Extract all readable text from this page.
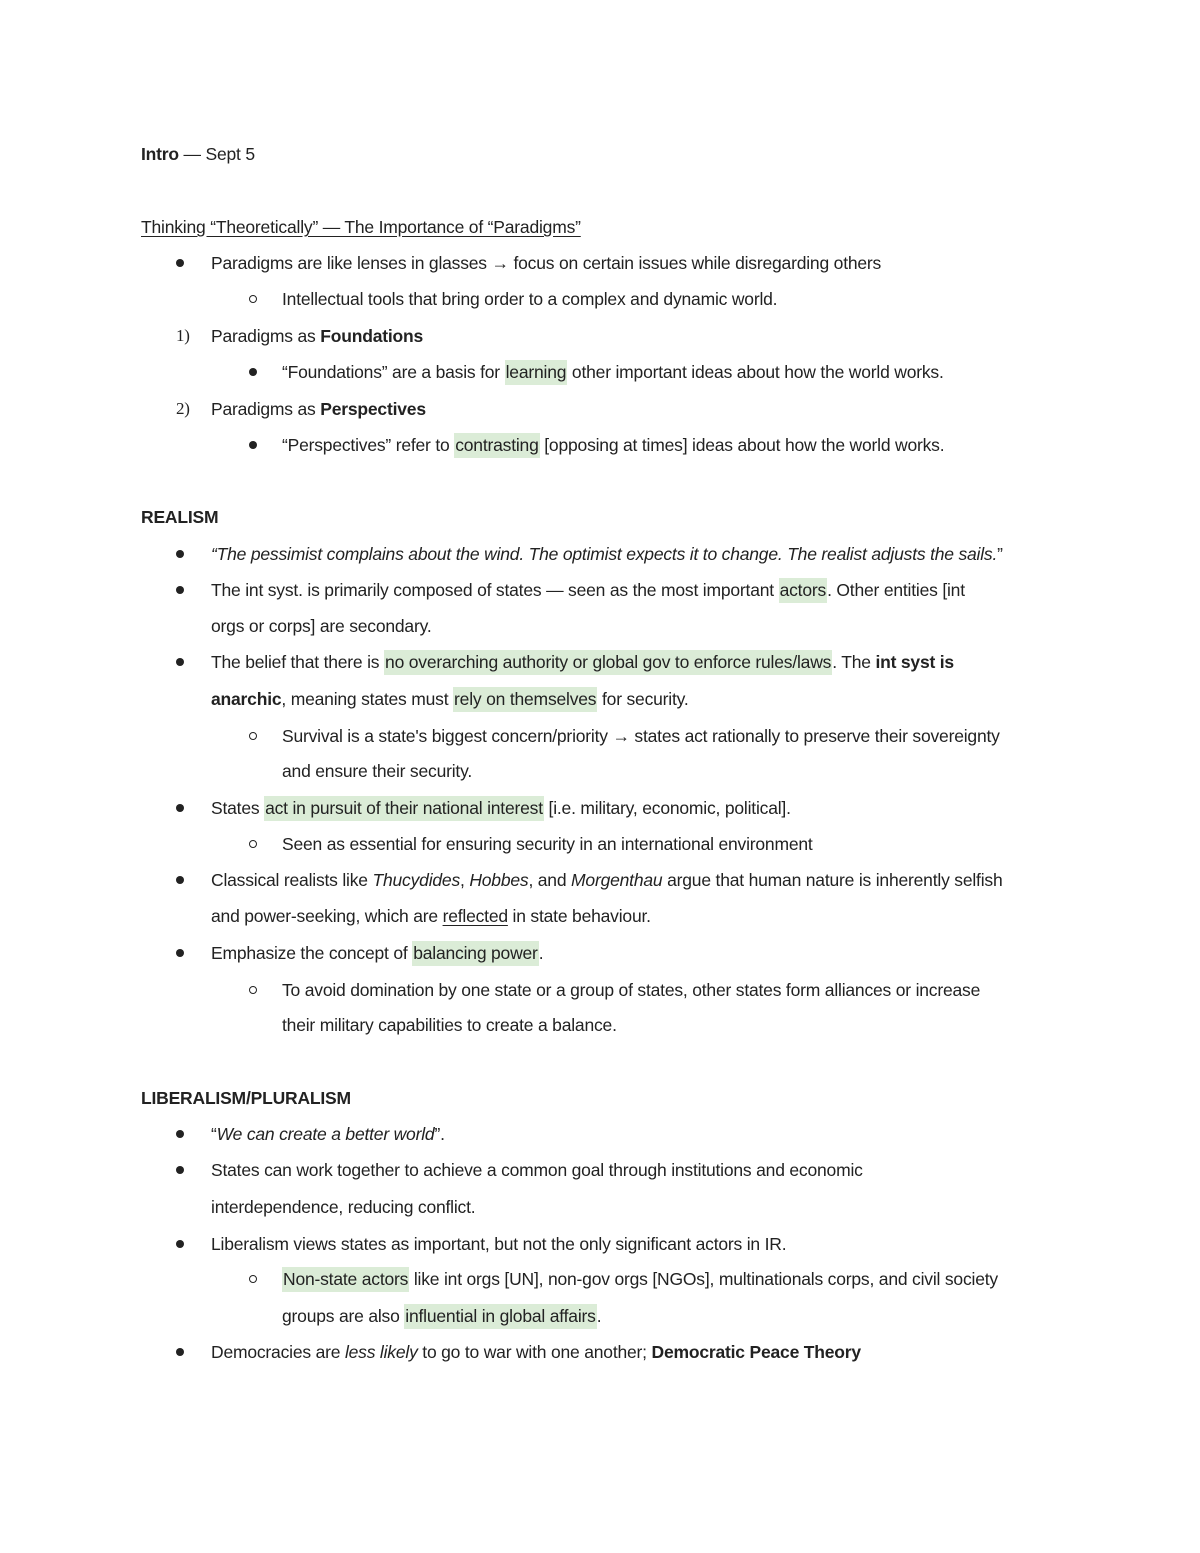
Intro — Sept 5
Thinking “Theoretically” — The Importance of “Paradigms”
Paradigms are like lenses in glasses → focus on certain issues while disregarding others
Intellectual tools that bring order to a complex and dynamic world.
1) Paradigms as Foundations
“Foundations” are a basis for learning other important ideas about how the world works.
2) Paradigms as Perspectives
“Perspectives” refer to contrasting [opposing at times] ideas about how the world works.
REALISM
“The pessimist complains about the wind. The optimist expects it to change. The realist adjusts the sails.”
The int syst. is primarily composed of states — seen as the most important actors. Other entities [int
orgs or corps] are secondary.
The belief that there is no overarching authority or global gov to enforce rules/laws. The int syst is
anarchic, meaning states must rely on themselves for security.
Survival is a state's biggest concern/priority → states act rationally to preserve their sovereignty
and ensure their security.
States act in pursuit of their national interest [i.e. military, economic, political].
Seen as essential for ensuring security in an international environment
Classical realists like Thucydides, Hobbes, and Morgenthau argue that human nature is inherently selfish
and power-seeking, which are reflected in state behaviour.
Emphasize the concept of balancing power.
To avoid domination by one state or a group of states, other states form alliances or increase
their military capabilities to create a balance.
LIBERALISM/PLURALISM
“We can create a better world”.
States can work together to achieve a common goal through institutions and economic
interdependence, reducing conflict.
Liberalism views states as important, but not the only significant actors in IR.
Non-state actors like int orgs [UN], non-gov orgs [NGOs], multinationals corps, and civil society
groups are also influential in global affairs.
Democracies are less likely to go to war with one another; Democratic Peace Theory
